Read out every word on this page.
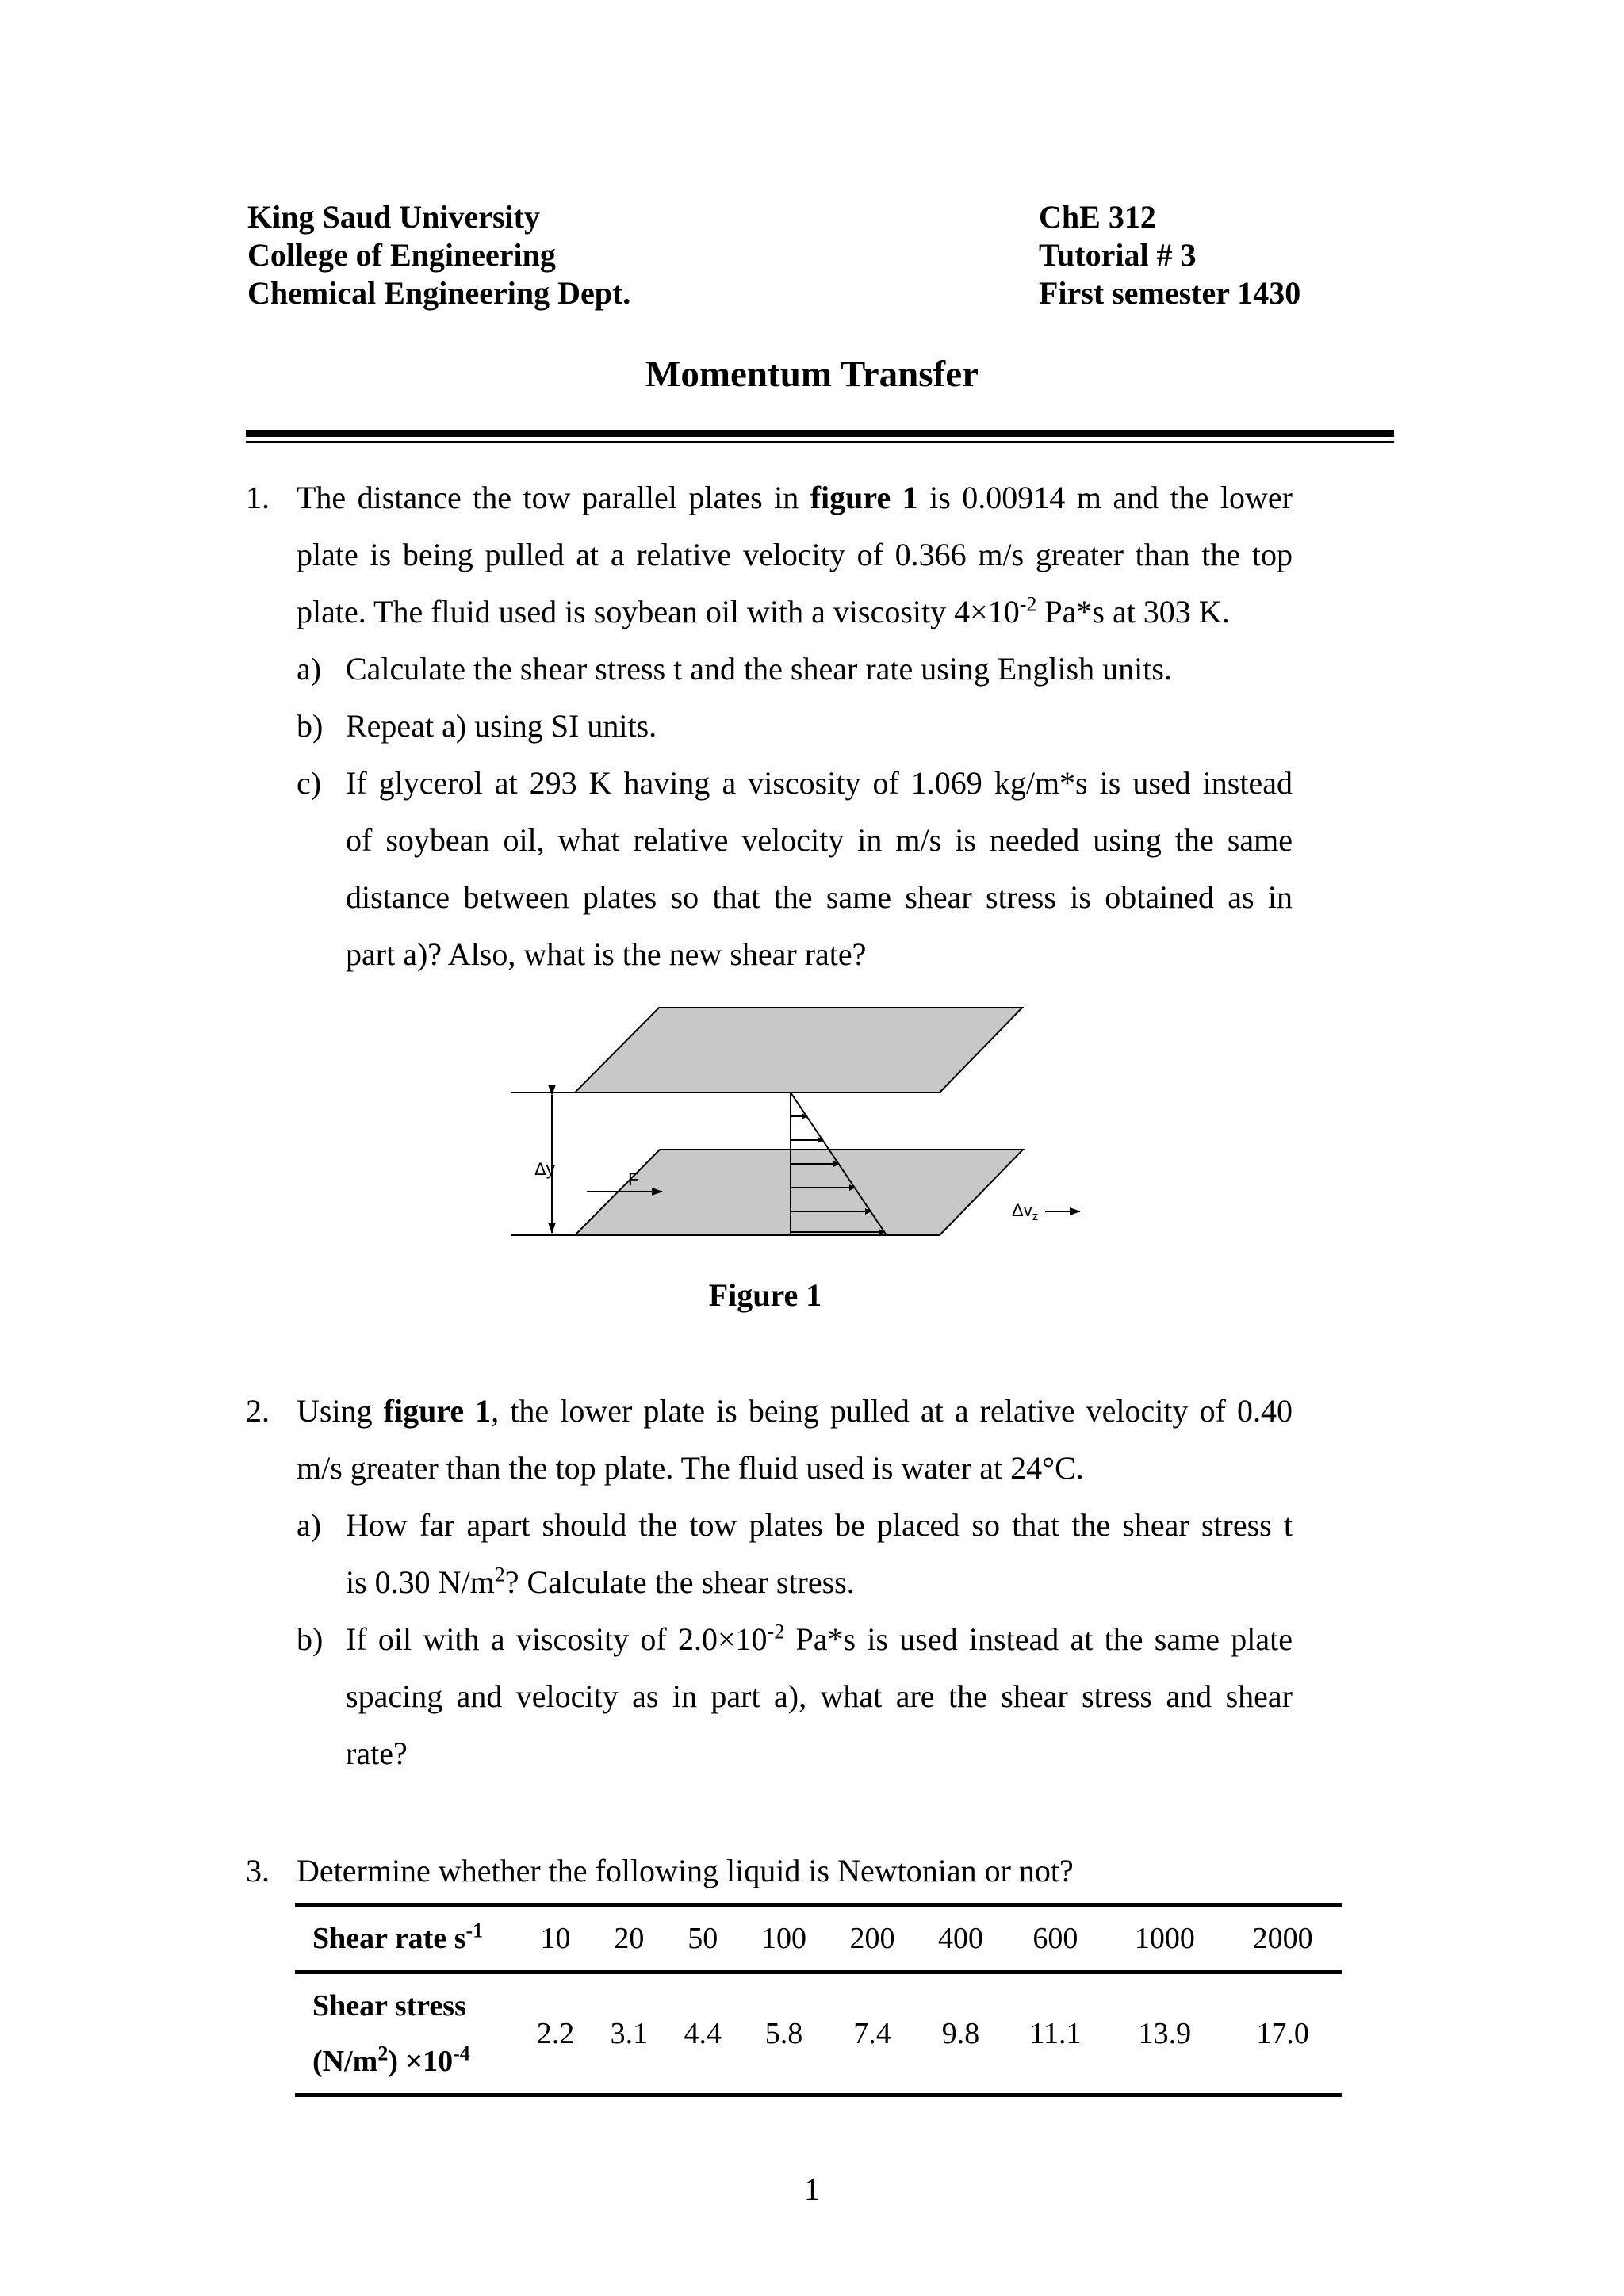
King Saud University
College of Engineering
Chemical Engineering Dept.
ChE 312
Tutorial # 3
First semester 1430
Momentum Transfer
1. The distance the tow parallel plates in figure 1 is 0.00914 m and the lower
plate is being pulled at a relative velocity of 0.366 m/s greater than the top
plate. The fluid used is soybean oil with a viscosity $4\times 10^{-2}$ Pa*s at 303 K.
a) Calculate the shear stress t and the shear rate using English units.
b) Repeat a) using SI units.
c) If glycerol at 293 K having a viscosity of 1.069 kg/m*s is used instead
of soybean oil, what relative velocity in m/s is needed using the same
distance between plates so that the same shear stress is obtained as in
part a)? Also, what is the new shear rate?
Δy
F
$\Delta v_z$
Figure 1
2. Using figure 1, the lower plate is being pulled at a relative velocity of 0.40
m/s greater than the top plate. The fluid used is water at 24°C.
a) How far apart should the tow plates be placed so that the shear stress t
is 0.30 $N/m^2$? Calculate the shear stress.
b) If oil with a viscosity of $2.0\times 10^{-2}$ Pa*s is used instead at the same plate
spacing and velocity as in part a), what are the shear stress and shear
rate?
3. Determine whether the following liquid is Newtonian or not?
Shear rate $s^{-1}$	10	20	50	100	200	400	600	1000	2000

Shear stress
$(N/m^2) \times 10^{-4}$	2.2	3.1	4.4	5.8	7.4	9.8	11.1	13.9	17.0
1
